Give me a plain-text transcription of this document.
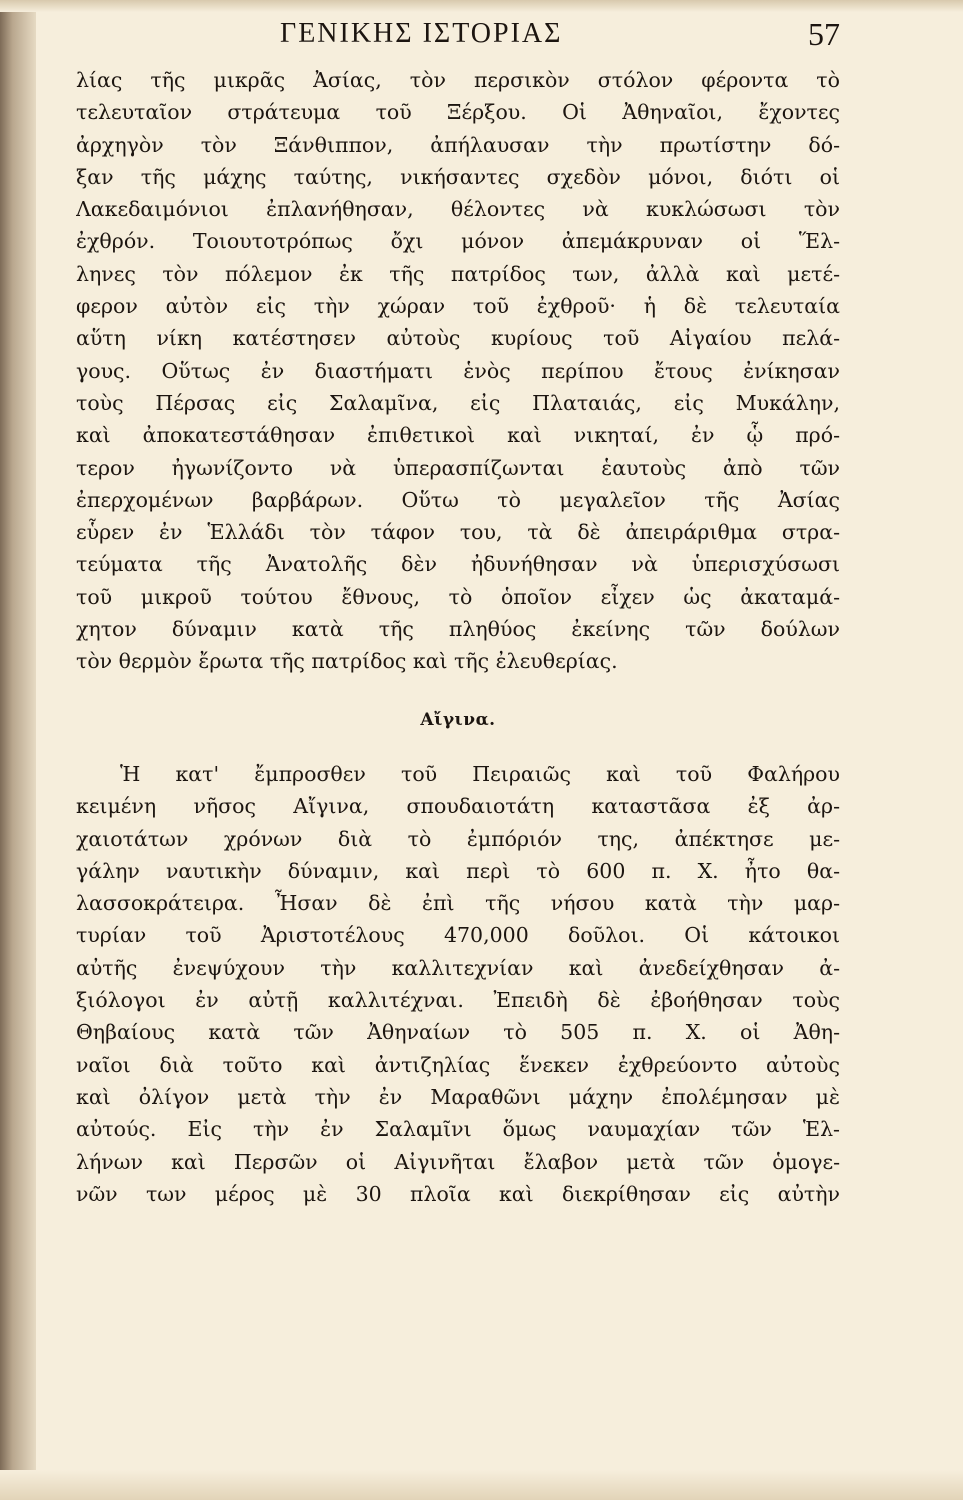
ΓΕΝΙΚΗΣ ΙΣΤΟΡΙΑΣ	57
λίας τῆς μικρᾶς Ἀσίας, τὸν περσικὸν στόλον φέροντα τὸ
τελευταῖον στράτευμα τοῦ Ξέρξου. Οἱ Ἀθηναῖοι, ἔχοντες
ἀρχηγὸν τὸν Ξάνθιππον, ἀπήλαυσαν τὴν πρωτίστην δό-
ξαν τῆς μάχης ταύτης, νικήσαντες σχεδὸν μόνοι, διότι οἱ
Λακεδαιμόνιοι ἐπλανήθησαν, θέλοντες νὰ κυκλώσωσι τὸν
ἐχθρόν. Τοιουτοτρόπως ὄχι μόνον ἀπεμάκρυναν οἱ Ἕλ-
ληνες τὸν πόλεμον ἐκ τῆς πατρίδος των, ἀλλὰ καὶ μετέ-
φερον αὐτὸν εἰς τὴν χώραν τοῦ ἐχθροῦ· ἡ δὲ τελευταία
αὕτη νίκη κατέστησεν αὐτοὺς κυρίους τοῦ Αἰγαίου πελά-
γους. Οὕτως ἐν διαστήματι ἑνὸς περίπου ἔτους ἐνίκησαν
τοὺς Πέρσας εἰς Σαλαμῖνα, εἰς Πλαταιάς, εἰς Μυκάλην,
καὶ ἀποκατεστάθησαν ἐπιθετικοὶ καὶ νικηταί, ἐν ᾧ πρό-
τερον ἠγωνίζοντο νὰ ὑπερασπίζωνται ἑαυτοὺς ἀπὸ τῶν
ἐπερχομένων βαρβάρων. Οὕτω τὸ μεγαλεῖον τῆς Ἀσίας
εὗρεν ἐν Ἑλλάδι τὸν τάφον του, τὰ δὲ ἀπειράριθμα στρα-
τεύματα τῆς Ἀνατολῆς δὲν ἠδυνήθησαν νὰ ὑπερισχύσωσι
τοῦ μικροῦ τούτου ἔθνους, τὸ ὁποῖον εἶχεν ὡς ἀκαταμά-
χητον δύναμιν κατὰ τῆς πληθύος ἐκείνης τῶν δούλων
τὸν θερμὸν ἔρωτα τῆς πατρίδος καὶ τῆς ἐλευθερίας.
Αἴγινα.
Ἡ κατ' ἔμπροσθεν τοῦ Πειραιῶς καὶ τοῦ Φαλήρου
κειμένη νῆσος Αἴγινα, σπουδαιοτάτη καταστᾶσα ἐξ ἀρ-
χαιοτάτων χρόνων διὰ τὸ ἐμπόριόν της, ἀπέκτησε με-
γάλην ναυτικὴν δύναμιν, καὶ περὶ τὸ 600 π. Χ. ἦτο θα-
λασσοκράτειρα. Ἦσαν δὲ ἐπὶ τῆς νήσου κατὰ τὴν μαρ-
τυρίαν τοῦ Ἀριστοτέλους 470,000 δοῦλοι. Οἱ κάτοικοι
αὐτῆς ἐνεψύχουν τὴν καλλιτεχνίαν καὶ ἀνεδείχθησαν ἀ-
ξιόλογοι ἐν αὐτῇ καλλιτέχναι. Ἐπειδὴ δὲ ἐβοήθησαν τοὺς
Θηβαίους κατὰ τῶν Ἀθηναίων τὸ 505 π. Χ. οἱ Ἀθη-
ναῖοι διὰ τοῦτο καὶ ἀντιζηλίας ἕνεκεν ἐχθρεύοντο αὐτοὺς
καὶ ὀλίγον μετὰ τὴν ἐν Μαραθῶνι μάχην ἐπολέμησαν μὲ
αὐτούς. Εἰς τὴν ἐν Σαλαμῖνι ὅμως ναυμαχίαν τῶν Ἑλ-
λήνων καὶ Περσῶν οἱ Αἰγινῆται ἔλαβον μετὰ τῶν ὁμογε-
νῶν των μέρος μὲ 30 πλοῖα καὶ διεκρίθησαν εἰς αὐτὴν
